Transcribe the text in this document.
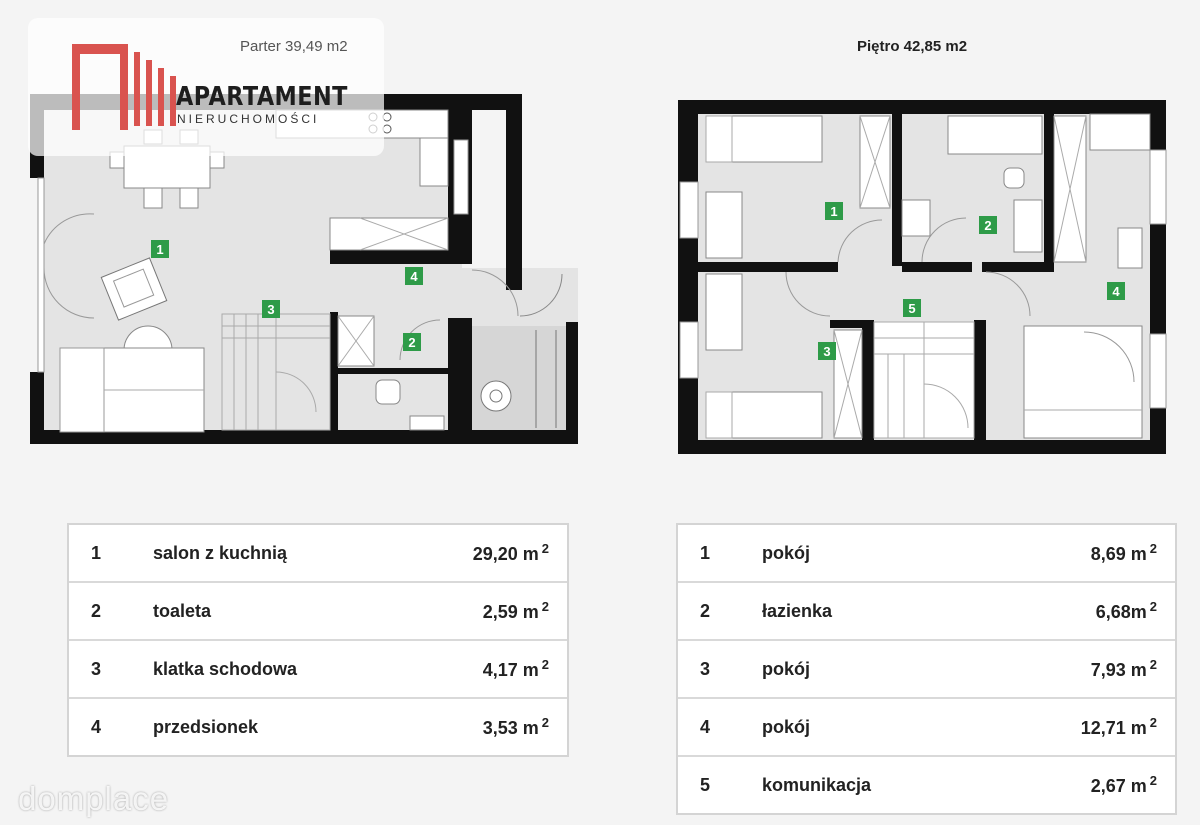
1
2
3
4
1
2
3
4
5
APARTAMENT
NIERUCHOMOŚCI
Parter 39,49 m2	Piętro 42,85 m2
1	salon z kuchnią	29,20 m $^2$
2	toaleta	2,59 m $^2$
3	klatka schodowa	4,17 m $^2$
4	przedsionek	3,53 m $^2$
1	pokój	8,69 m $^2$
2	łazienka	6,68m $^2$
3	pokój	7,93 m $^2$
4	pokój	12,71 m $^2$
5	komunikacja	2,67 m $^2$
domplace
